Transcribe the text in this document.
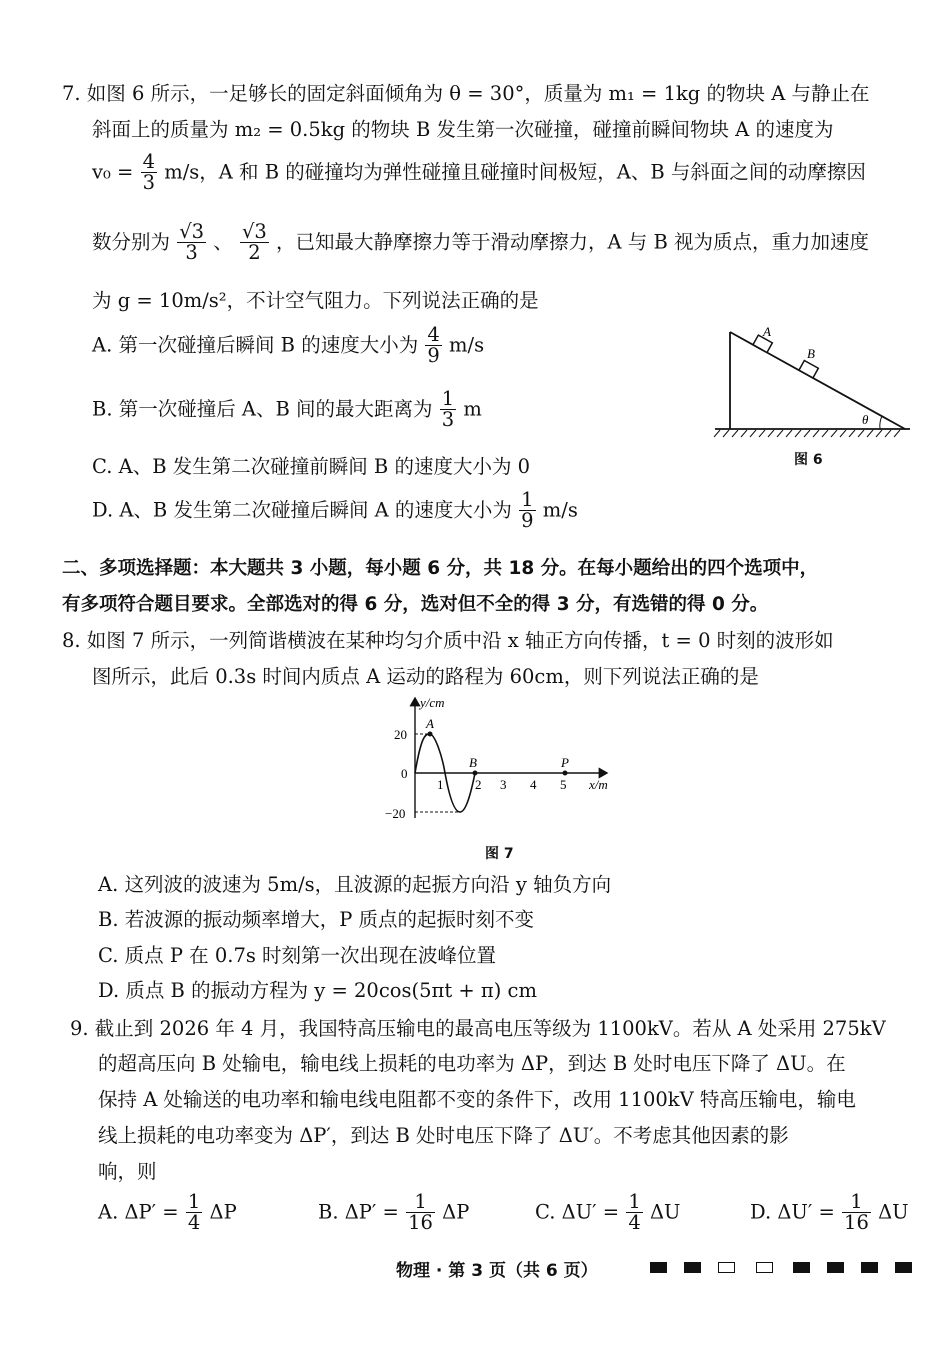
7. 如图 6 所示，一足够长的固定斜面倾角为 θ = 30°，质量为 m₁ = 1kg 的物块 A 与静止在
斜面上的质量为 m₂ = 0.5kg 的物块 B 发生第一次碰撞，碰撞前瞬间物块 A 的速度为
$v_0 = \frac{4}{3} m/s$，A 和 B 的碰撞均为弹性碰撞且碰撞时间极短，A、B 与斜面之间的动摩擦因
数分别为 $\frac{√3}{3}$ 、 $\frac{√3}{2}$ ，已知最大静摩擦力等于滑动摩擦力，A 与 B 视为质点，重力加速度
为 g = 10m/s²，不计空气阻力。下列说法正确的是
A. 第一次碰撞后瞬间 B 的速度大小为 $\frac{4}{9} m/s$
B. 第一次碰撞后 A、B 间的最大距离为 $\frac{1}{3}$ m
C. A、B 发生第二次碰撞前瞬间 B 的速度大小为 0
D. A、B 发生第二次碰撞后瞬间 A 的速度大小为 $\frac{1}{9} m/s$
A
B
θ
图 6
二、多项选择题：本大题共 3 小题，每小题 6 分，共 18 分。在每小题给出的四个选项中，
有多项符合题目要求。全部选对的得 6 分，选对但不全的得 3 分，有选错的得 0 分。
8. 如图 7 所示，一列简谐横波在某种均匀介质中沿 x 轴正方向传播，t = 0 时刻的波形如
图所示，此后 0.3s 时间内质点 A 运动的路程为 60cm，则下列说法正确的是
y/cm
x/m
20
0
−20
1 2 3 4 5
A
B	P
图 7
A. 这列波的波速为 5m/s，且波源的起振方向沿 y 轴负方向
B. 若波源的振动频率增大，P 质点的起振时刻不变
C. 质点 P 在 0.7s 时刻第一次出现在波峰位置
D. 质点 B 的振动方程为 y = 20cos(5πt + π) cm
9. 截止到 2026 年 4 月，我国特高压输电的最高电压等级为 1100kV。若从 A 处采用 275kV
的超高压向 B 处输电，输电线上损耗的电功率为 ΔP，到达 B 处时电压下降了 ΔU。在
保持 A 处输送的电功率和输电线电阻都不变的条件下，改用 1100kV 特高压输电，输电
线上损耗的电功率变为 ΔP′，到达 B 处时电压下降了 ΔU′。不考虑其他因素的影
响，则
A. $\Delta P' = \frac{1}{4}$ ΔP	B. $\Delta P' = \frac{1}{16}$ ΔP	C. $\Delta U' = \frac{1}{4}$ ΔU	D. $\Delta U' = \frac{1}{16}$ ΔU
物理 · 第 3 页（共 6 页）
